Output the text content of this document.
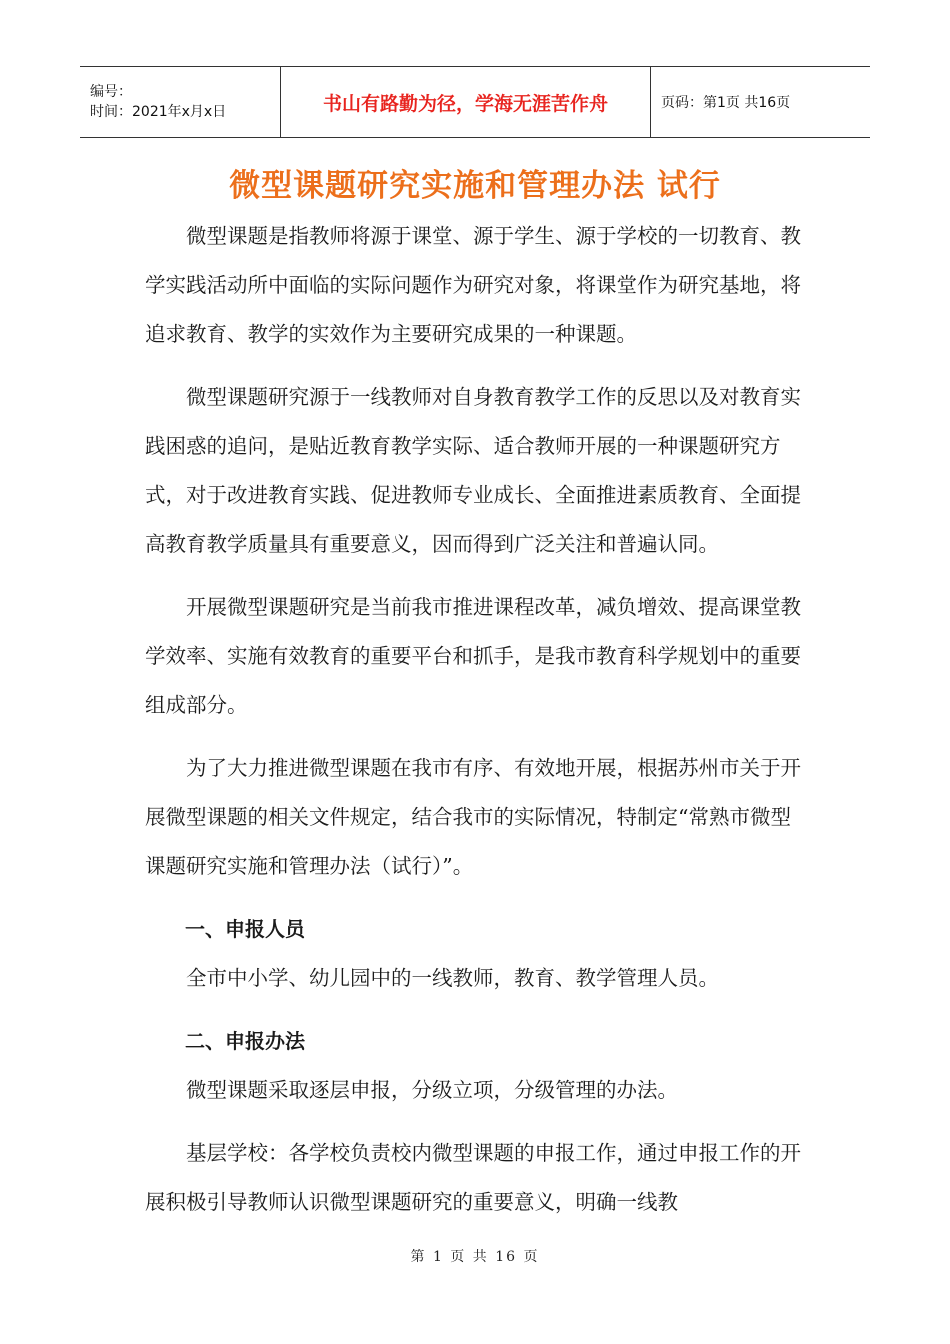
编号：
时间：2021年x月x日	书山有路勤为径，学海无涯苦作舟	页码：第1页 共16页
微型课题研究实施和管理办法 试行

微型课题是指教师将源于课堂、源于学生、源于学校的一切教育、教学实践活动所中面临的实际问题作为研究对象，将课堂作为研究基地，将追求教育、教学的实效作为主要研究成果的一种课题。

微型课题研究源于一线教师对自身教育教学工作的反思以及对教育实践困惑的追问，是贴近教育教学实际、适合教师开展的一种课题研究方式，对于改进教育实践、促进教师专业成长、全面推进素质教育、全面提高教育教学质量具有重要意义，因而得到广泛关注和普遍认同。

开展微型课题研究是当前我市推进课程改革，减负增效、提高课堂教学效率、实施有效教育的重要平台和抓手，是我市教育科学规划中的重要组成部分。

为了大力推进微型课题在我市有序、有效地开展，根据苏州市关于开展微型课题的相关文件规定，结合我市的实际情况，特制定“常熟市微型课题研究实施和管理办法（试行）”。

一、申报人员

全市中小学、幼儿园中的一线教师，教育、教学管理人员。

二、申报办法

微型课题采取逐层申报，分级立项，分级管理的办法。

基层学校：各学校负责校内微型课题的申报工作，通过申报工作的开展积极引导教师认识微型课题研究的重要意义，明确一线教

第 1 页 共 16 页
